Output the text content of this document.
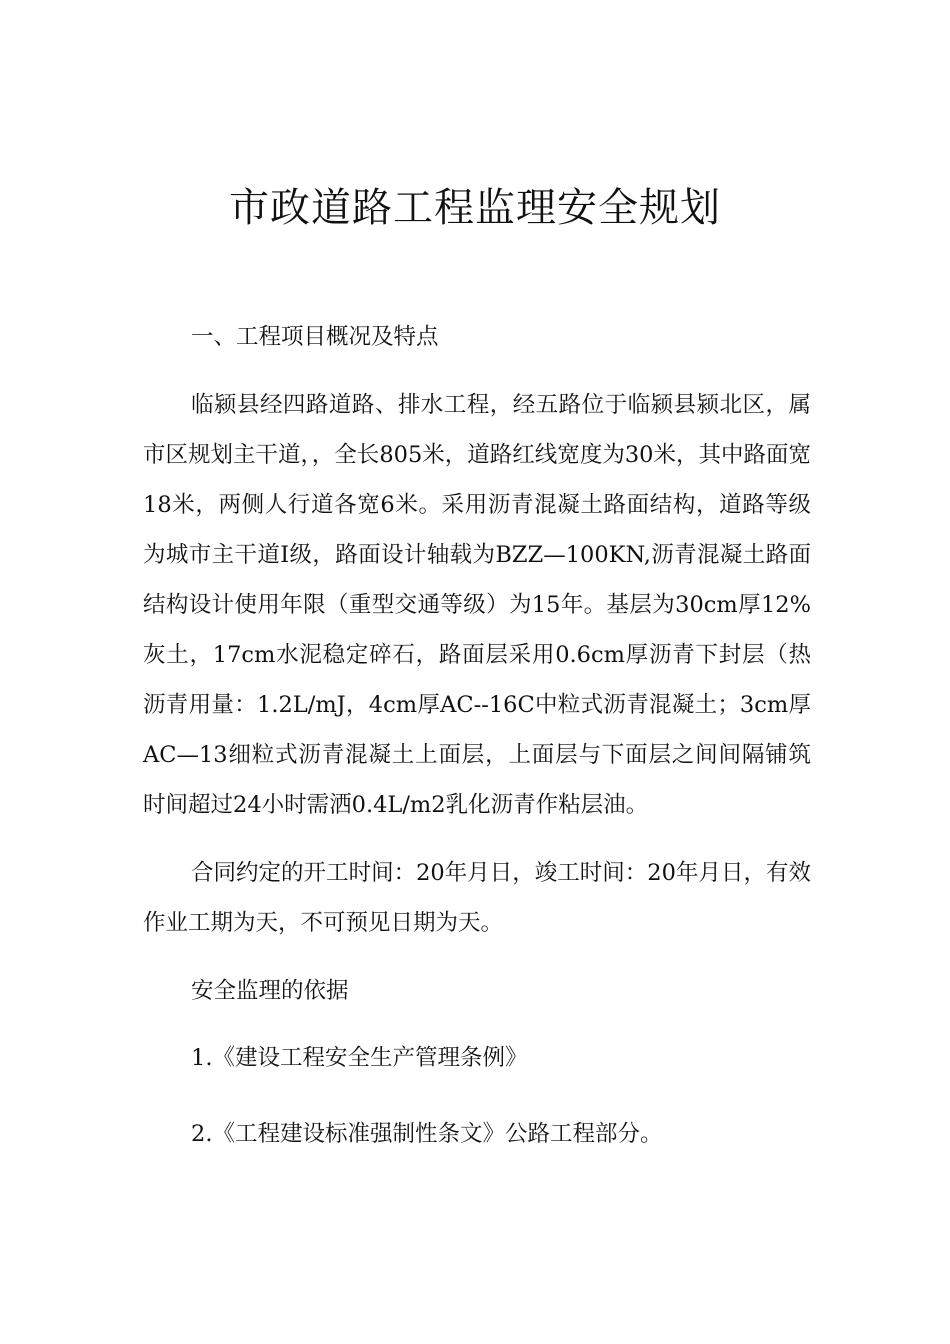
市政道路工程监理安全规划

一、工程项目概况及特点

临颍县经四路道路、排水工程，经五路位于临颍县颍北区，属市区规划主干道，，全长805米，道路红线宽度为30米，其中路面宽18米，两侧人行道各宽6米。采用沥青混凝土路面结构，道路等级为城市主干道Ⅰ级，路面设计轴载为BZZ—100KN,沥青混凝土路面结构设计使用年限（重型交通等级）为15年。基层为30cm厚12%灰土，17cm水泥稳定碎石，路面层采用0.6cm厚沥青下封层（热沥青用量：1.2L/mJ，4cm厚AC--16C中粒式沥青混凝土；3cm厚AC—13细粒式沥青混凝土上面层，上面层与下面层之间间隔铺筑时间超过24小时需洒0.4L/m2乳化沥青作粘层油。

合同约定的开工时间：20年月日，竣工时间：20年月日，有效作业工期为天，不可预见日期为天。

安全监理的依据

1.《建设工程安全生产管理条例》

2.《工程建设标准强制性条文》公路工程部分。
